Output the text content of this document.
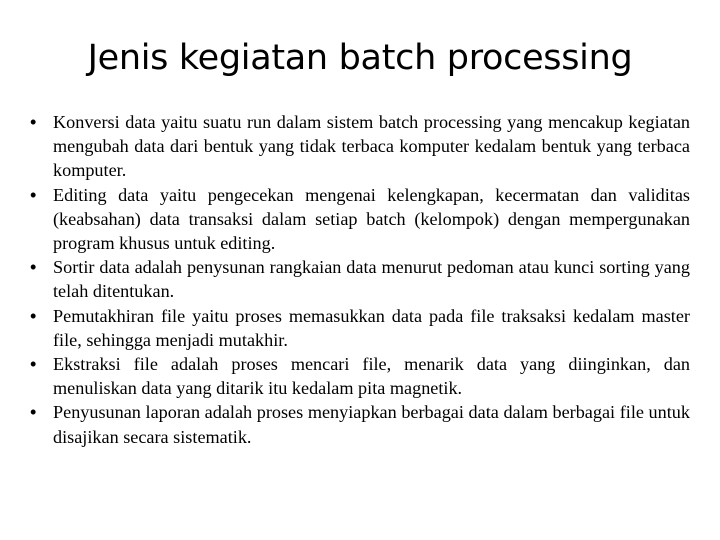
Jenis kegiatan batch processing
• Konversi data yaitu suatu run dalam sistem batch processing yang mencakup kegiatan mengubah data dari bentuk yang tidak terbaca komputer kedalam bentuk yang terbaca komputer.
• Editing data yaitu pengecekan mengenai kelengkapan, kecermatan dan validitas (keabsahan) data transaksi dalam setiap batch (kelompok) dengan mempergunakan program khusus untuk editing.
• Sortir data adalah penysunan rangkaian data menurut pedoman atau kunci sorting yang telah ditentukan.
• Pemutakhiran file yaitu proses memasukkan data pada file traksaksi kedalam master file, sehingga menjadi mutakhir.
• Ekstraksi file adalah proses mencari file, menarik data yang diinginkan, dan menuliskan data yang ditarik itu kedalam pita magnetik.
• Penyusunan laporan adalah proses menyiapkan berbagai data dalam berbagai file untuk disajikan secara sistematik.
